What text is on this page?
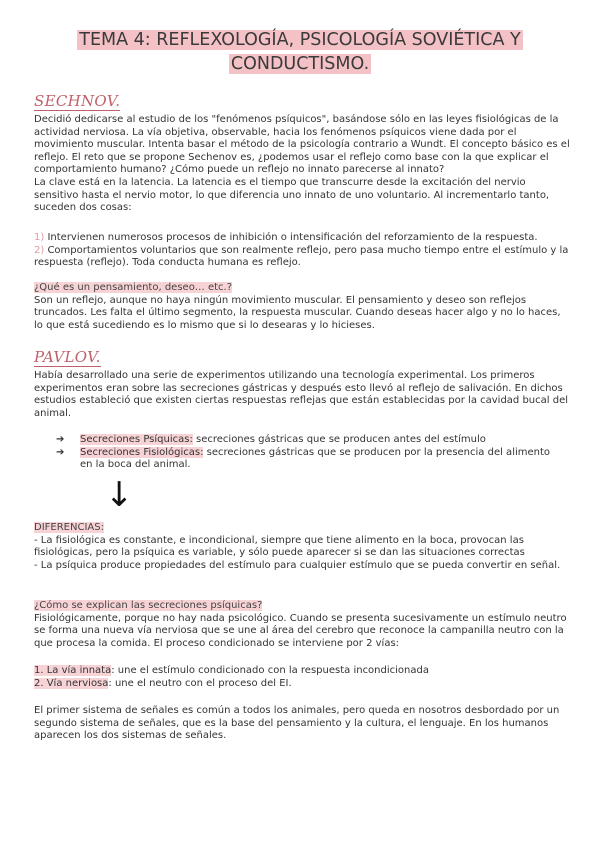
TEMA 4: REFLEXOLOGÍA, PSICOLOGÍA SOVIÉTICA Y
CONDUCTISMO.
SECHNOV.

Decidió dedicarse al estudio de los "fenómenos psíquicos", basándose sólo en las leyes fisiológicas de la actividad nerviosa. La vía objetiva, observable, hacia los fenómenos psíquicos viene dada por el movimiento muscular. Intenta basar el método de la psicología contrario a Wundt. El concepto básico es el reflejo. El reto que se propone Sechenov es, ¿podemos usar el reflejo como base con la que explicar el comportamiento humano? ¿Cómo puede un reflejo no innato parecerse al innato?

La clave está en la latencia. La latencia es el tiempo que transcurre desde la excitación del nervio sensitivo hasta el nervio motor, lo que diferencia uno innato de uno voluntario. Al incrementarlo tanto, suceden dos cosas:

1) Intervienen numerosos procesos de inhibición o intensificación del reforzamiento de la respuesta.

2) Comportamientos voluntarios que son realmente reflejo, pero pasa mucho tiempo entre el estímulo y la respuesta (reflejo). Toda conducta humana es reflejo.

¿Qué es un pensamiento, deseo… etc.?

Son un reflejo, aunque no haya ningún movimiento muscular. El pensamiento y deseo son reflejos truncados. Les falta el último segmento, la respuesta muscular. Cuando deseas hacer algo y no lo haces, lo que está sucediendo es lo mismo que si lo desearas y lo hicieses.

PAVLOV.
Había desarrollado una serie de experimentos utilizando una tecnología experimental. Los primeros experimentos eran sobre las secreciones gástricas y después esto llevó al reflejo de salivación. En dichos estudios estableció que existen ciertas respuestas reflejas que están establecidas por la cavidad bucal del animal.
➔ Secreciones Psíquicas: secreciones gástricas que se producen antes del estímulo
➔ Secreciones Fisiológicas: secreciones gástricas que se producen por la presencia del alimento en la boca del animal.
↓

DIFERENCIAS:

- La fisiológica es constante, e incondicional, siempre que tiene alimento en la boca, provocan las fisiológicas, pero la psíquica es variable, y sólo puede aparecer si se dan las situaciones correctas

- La psíquica produce propiedades del estímulo para cualquier estímulo que se pueda convertir en señal.

¿Cómo se explican las secreciones psíquicas?

Fisiológicamente, porque no hay nada psicológico. Cuando se presenta sucesivamente un estímulo neutro se forma una nueva vía nerviosa que se une al área del cerebro que reconoce la campanilla neutro con la que procesa la comida. El proceso condicionado se interviene por 2 vías:

1. La vía innata: une el estímulo condicionado con la respuesta incondicionada

2. Vía nerviosa: une el neutro con el proceso del EI.

El primer sistema de señales es común a todos los animales, pero queda en nosotros desbordado por un segundo sistema de señales, que es la base del pensamiento y la cultura, el lenguaje. En los humanos aparecen los dos sistemas de señales.
